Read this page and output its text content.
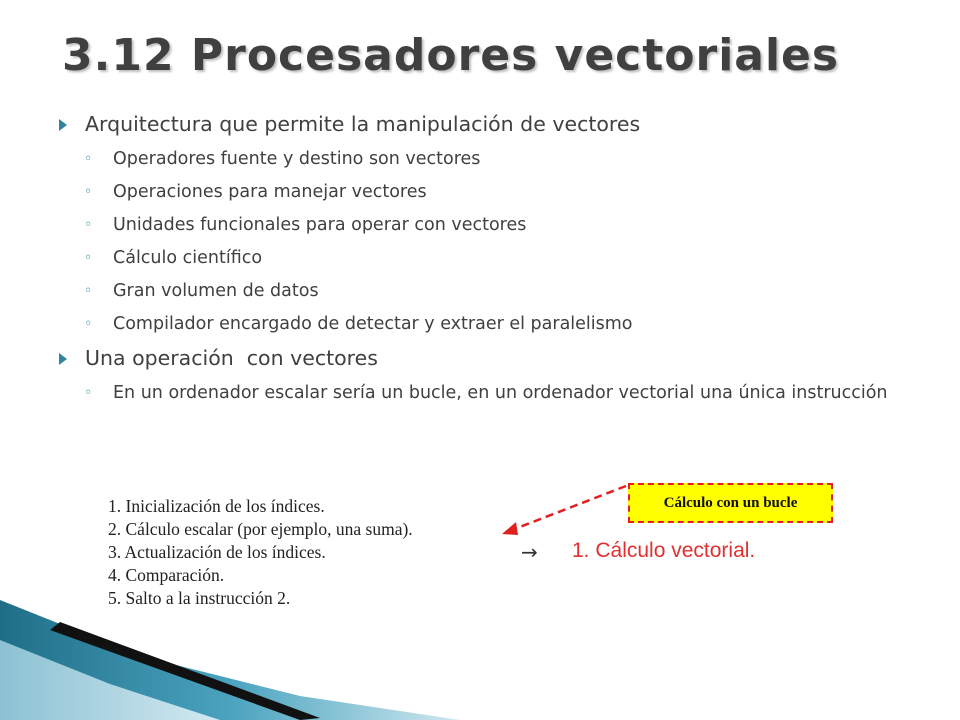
3.12 Procesadores vectoriales
Arquitectura que permite la manipulación de vectores
◦ Operadores fuente y destino son vectores
◦ Operaciones para manejar vectores
◦ Unidades funcionales para operar con vectores
◦ Cálculo científico
◦ Gran volumen de datos
◦ Compilador encargado de detectar y extraer el paralelismo
Una operación  con vectores
◦ En un ordenador escalar sería un bucle, en un ordenador vectorial una única instrucción
1. Inicialización de los índices.
2. Cálculo escalar (por ejemplo, una suma).
3. Actualización de los índices.
4. Comparación.
5. Salto a la instrucción 2.
Cálculo con un bucle
→ 1. Cálculo vectorial.
